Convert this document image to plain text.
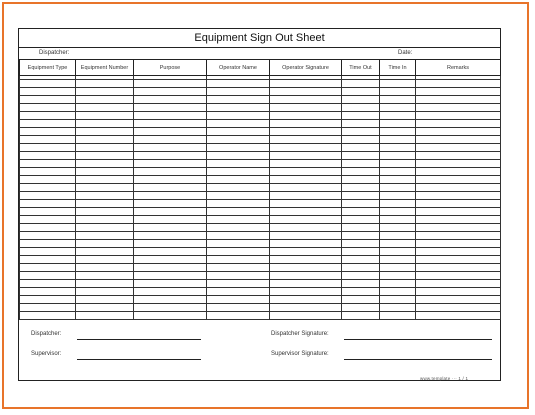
Equipment Sign Out Sheet
Dispatcher:	Date:
Equipment Type	Equipment Number	Purpose	Operator Name	Operator Signature	Time Out	Time In	Remarks

Dispatcher:	Dispatcher Signature:
Supervisor:	Supervisor Signature:
www.template ··· 1 / 1
